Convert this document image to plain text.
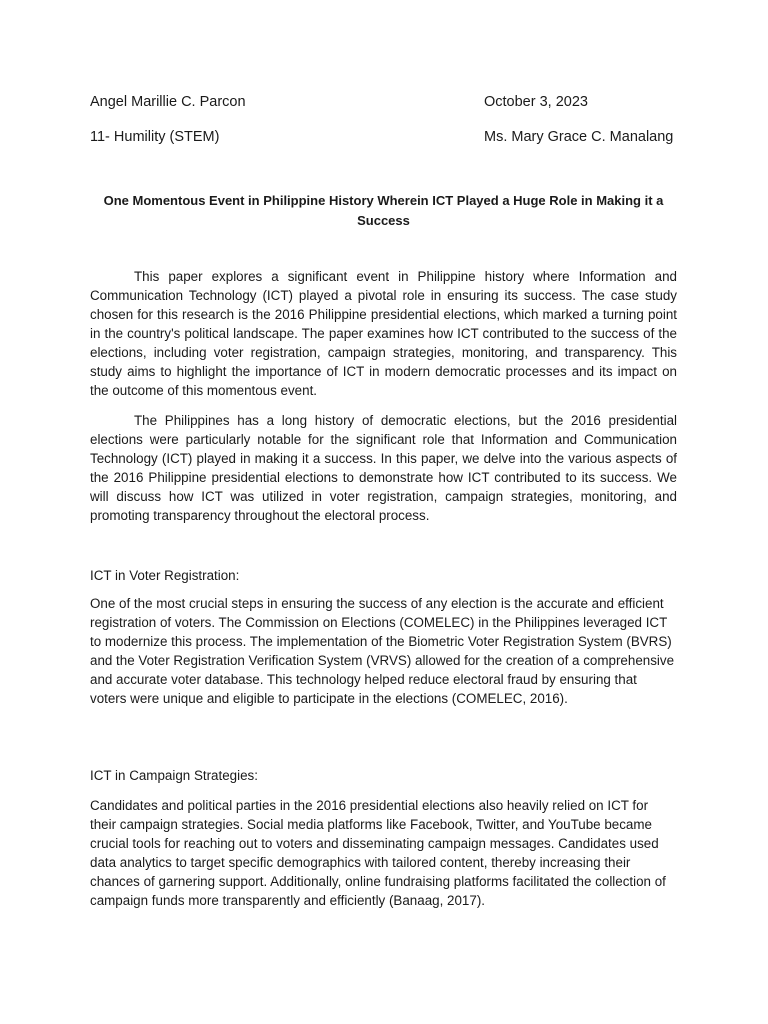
Angel Marillie C. Parcon	October 3, 2023
11- Humility (STEM)	Ms. Mary Grace C. Manalang
One Momentous Event in Philippine History Wherein ICT Played a Huge Role in Making it a Success

This paper explores a significant event in Philippine history where Information and Communication Technology (ICT) played a pivotal role in ensuring its success. The case study chosen for this research is the 2016 Philippine presidential elections, which marked a turning point in the country's political landscape. The paper examines how ICT contributed to the success of the elections, including voter registration, campaign strategies, monitoring, and transparency. This study aims to highlight the importance of ICT in modern democratic processes and its impact on the outcome of this momentous event.

The Philippines has a long history of democratic elections, but the 2016 presidential elections were particularly notable for the significant role that Information and Communication Technology (ICT) played in making it a success. In this paper, we delve into the various aspects of the 2016 Philippine presidential elections to demonstrate how ICT contributed to its success. We will discuss how ICT was utilized in voter registration, campaign strategies, monitoring, and promoting transparency throughout the electoral process.

ICT in Voter Registration:

One of the most crucial steps in ensuring the success of any election is the accurate and efficient registration of voters. The Commission on Elections (COMELEC) in the Philippines leveraged ICT to modernize this process. The implementation of the Biometric Voter Registration System (BVRS) and the Voter Registration Verification System (VRVS) allowed for the creation of a comprehensive and accurate voter database. This technology helped reduce electoral fraud by ensuring that voters were unique and eligible to participate in the elections (COMELEC, 2016).

ICT in Campaign Strategies:

Candidates and political parties in the 2016 presidential elections also heavily relied on ICT for their campaign strategies. Social media platforms like Facebook, Twitter, and YouTube became crucial tools for reaching out to voters and disseminating campaign messages. Candidates used data analytics to target specific demographics with tailored content, thereby increasing their chances of garnering support. Additionally, online fundraising platforms facilitated the collection of campaign funds more transparently and efficiently (Banaag, 2017).
